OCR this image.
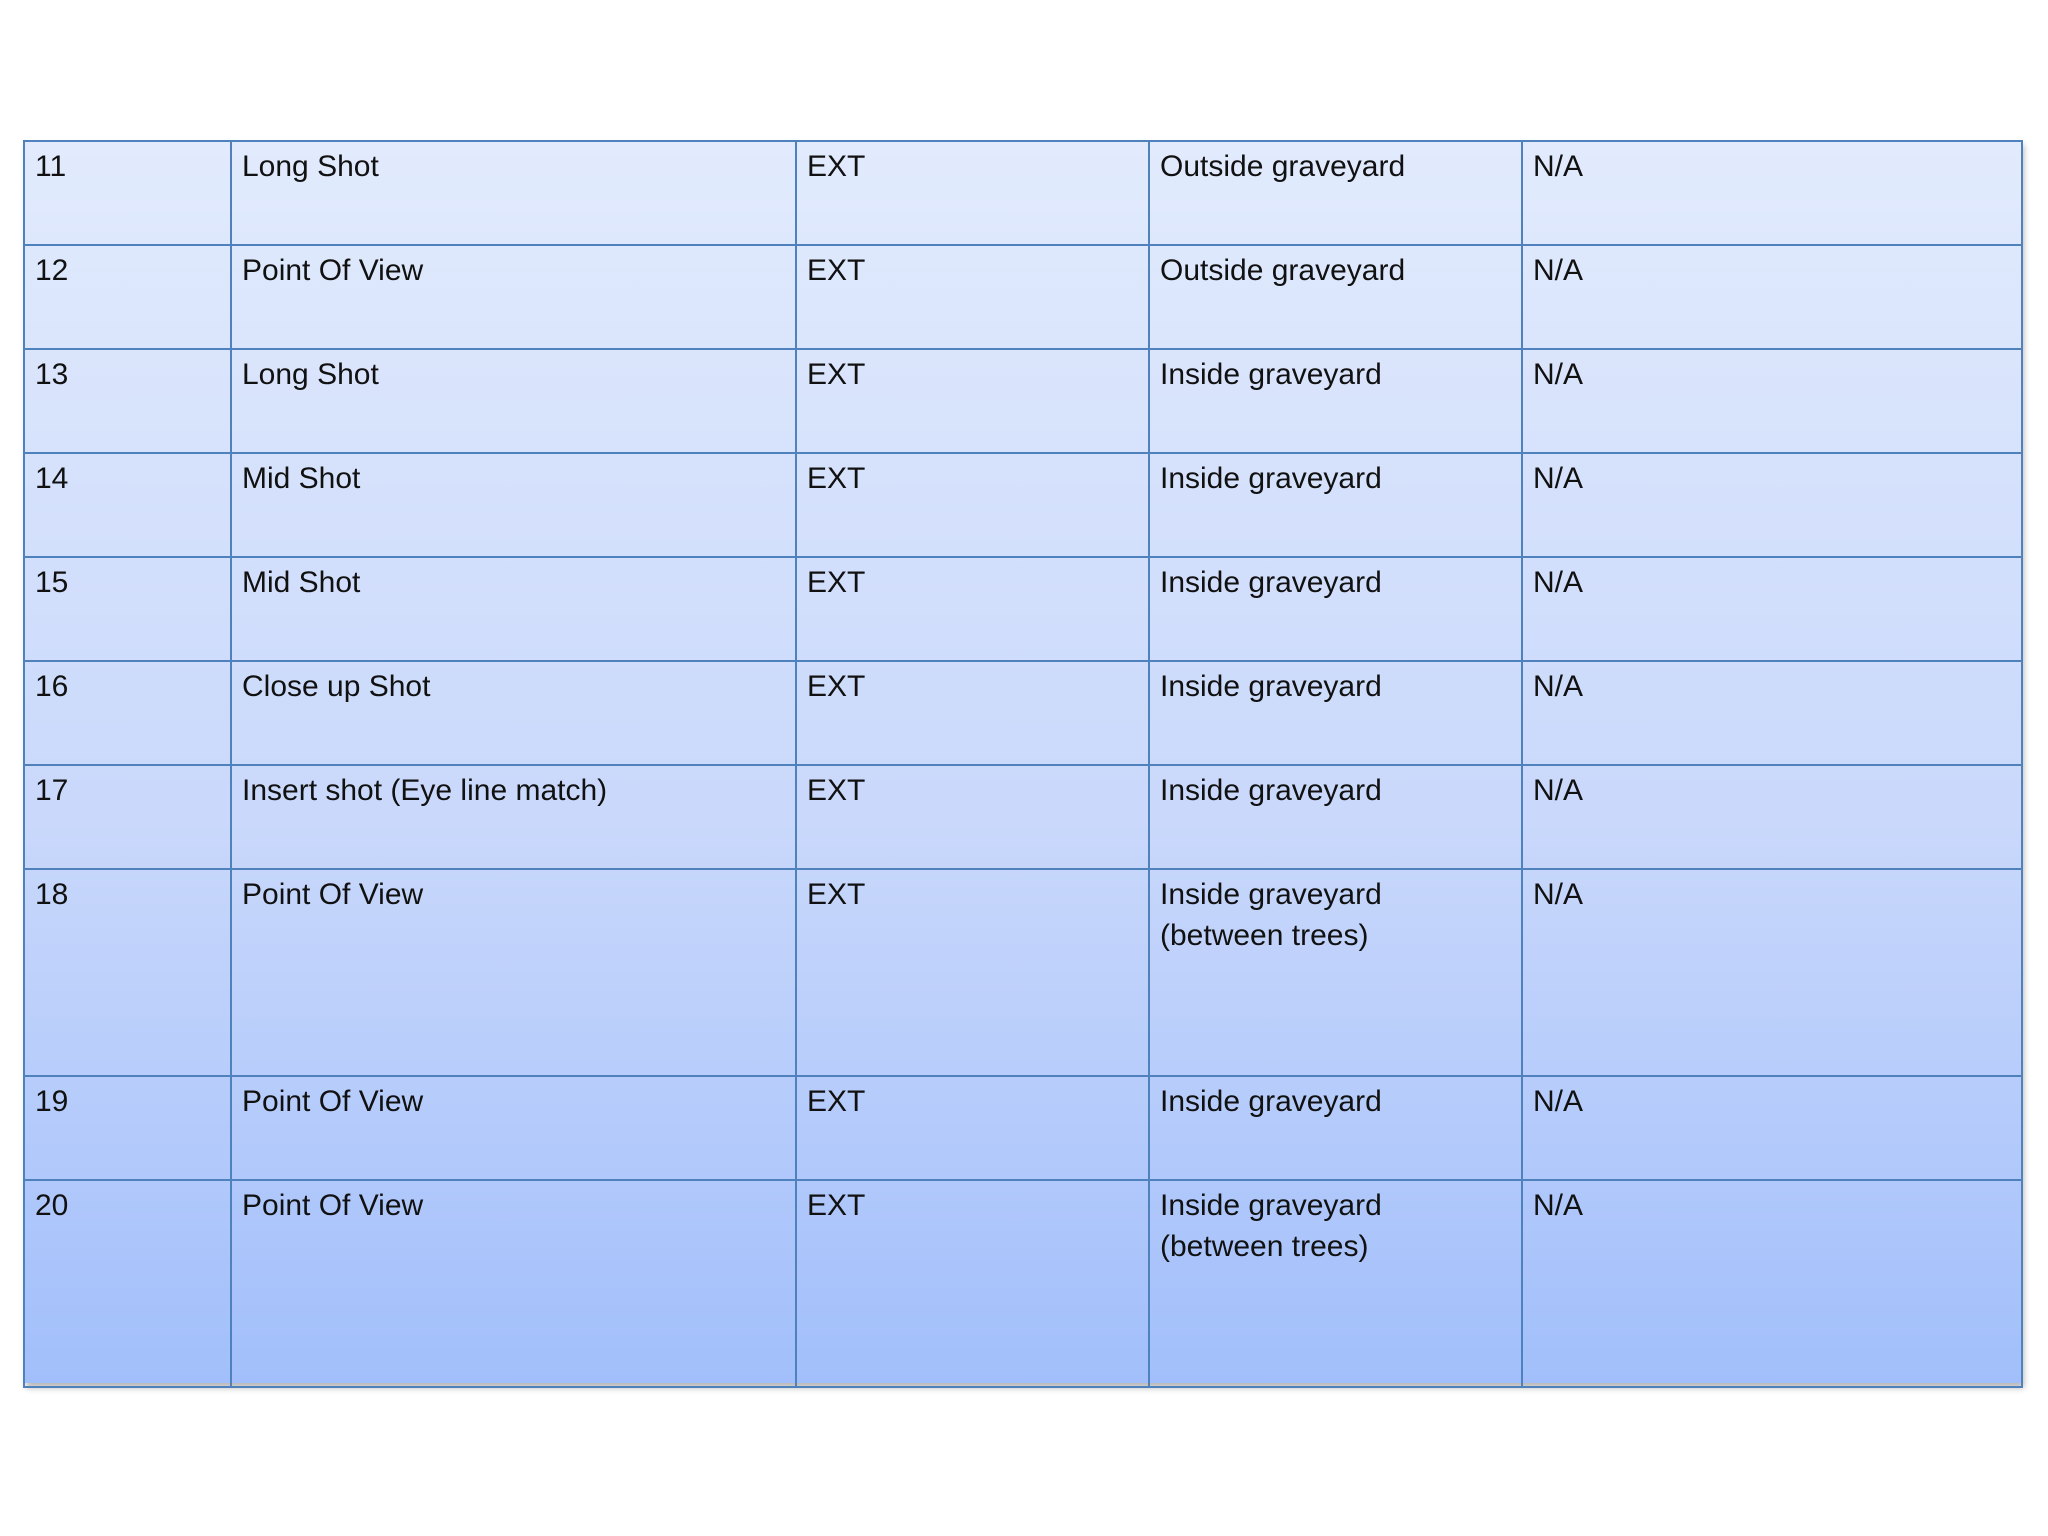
11	Long Shot	EXT	Outside graveyard	N/A
12	Point Of View	EXT	Outside graveyard	N/A
13	Long Shot	EXT	Inside graveyard	N/A
14	Mid Shot	EXT	Inside graveyard	N/A
15	Mid Shot	EXT	Inside graveyard	N/A
16	Close up Shot	EXT	Inside graveyard	N/A
17	Insert shot (Eye line match)	EXT	Inside graveyard	N/A
18	Point Of View	EXT	Inside graveyard (between trees)	N/A
19	Point Of View	EXT	Inside graveyard	N/A
20	Point Of View	EXT	Inside graveyard (between trees)	N/A
